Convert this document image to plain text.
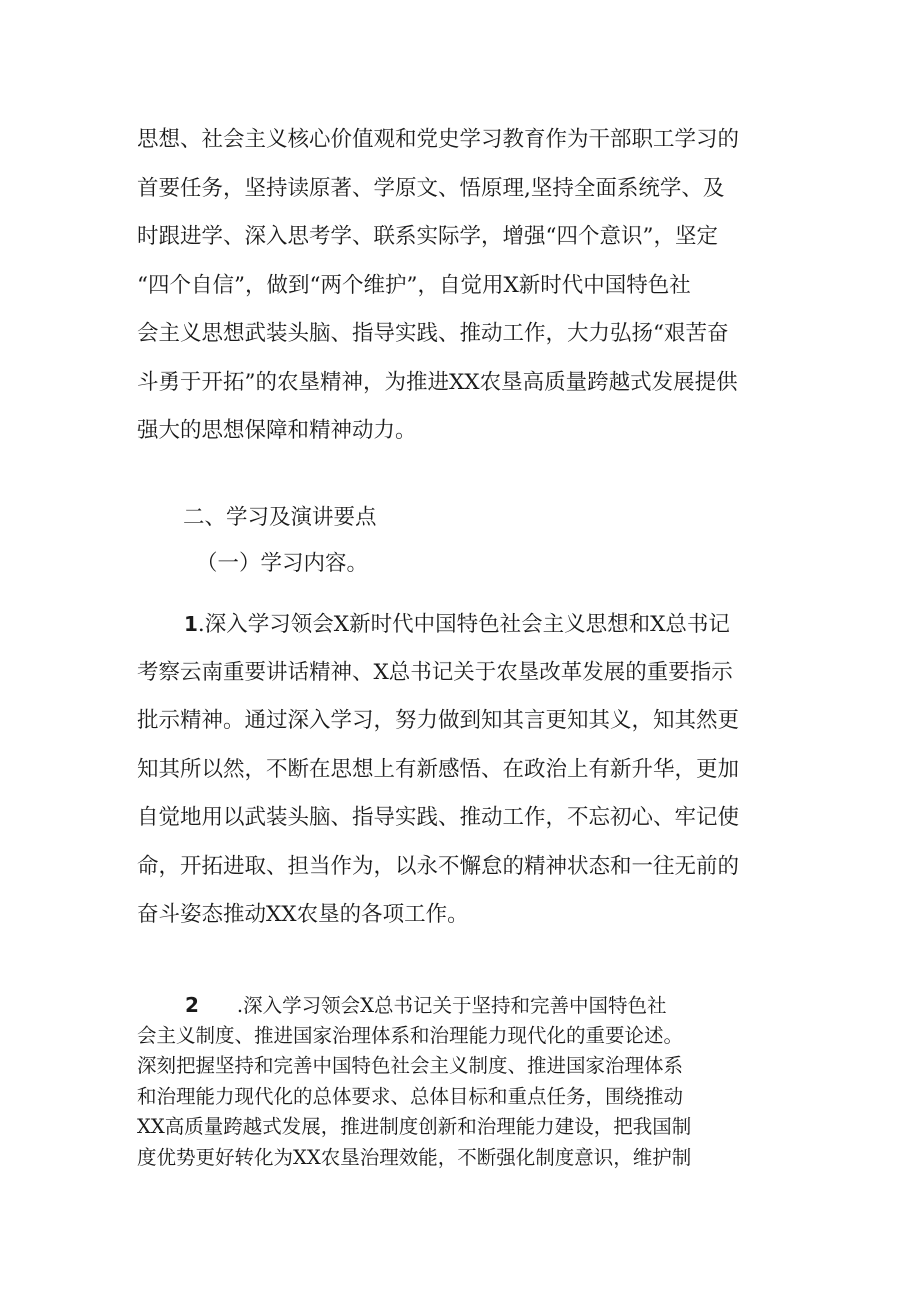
思想、社会主义核心价值观和党史学习教育作为干部职工学习的
首要任务，坚持读原著、学原文、悟原理,坚持全面系统学、及
时跟进学、深入思考学、联系实际学，增强“四个意识”，坚定
“四个自信”，做到“两个维护”，自觉用X新时代中国特色社
会主义思想武装头脑、指导实践、推动工作，大力弘扬“艰苦奋
斗勇于开拓”的农垦精神，为推进XX农垦高质量跨越式发展提供
强大的思想保障和精神动力。
二、学习及演讲要点
（一）学习内容。
1.深入学习领会X新时代中国特色社会主义思想和X总书记
考察云南重要讲话精神、X总书记关于农垦改革发展的重要指示
批示精神。通过深入学习，努力做到知其言更知其义，知其然更
知其所以然，不断在思想上有新感悟、在政治上有新升华，更加
自觉地用以武装头脑、指导实践、推动工作，不忘初心、牢记使
命，开拓进取、担当作为，以永不懈怠的精神状态和一往无前的
奋斗姿态推动XX农垦的各项工作。
2 .深入学习领会X总书记关于坚持和完善中国特色社
会主义制度、推进国家治理体系和治理能力现代化的重要论述。
深刻把握坚持和完善中国特色社会主义制度、推进国家治理体系
和治理能力现代化的总体要求、总体目标和重点任务，围绕推动
XX高质量跨越式发展，推进制度创新和治理能力建设，把我国制
度优势更好转化为XX农垦治理效能，不断强化制度意识，维护制
